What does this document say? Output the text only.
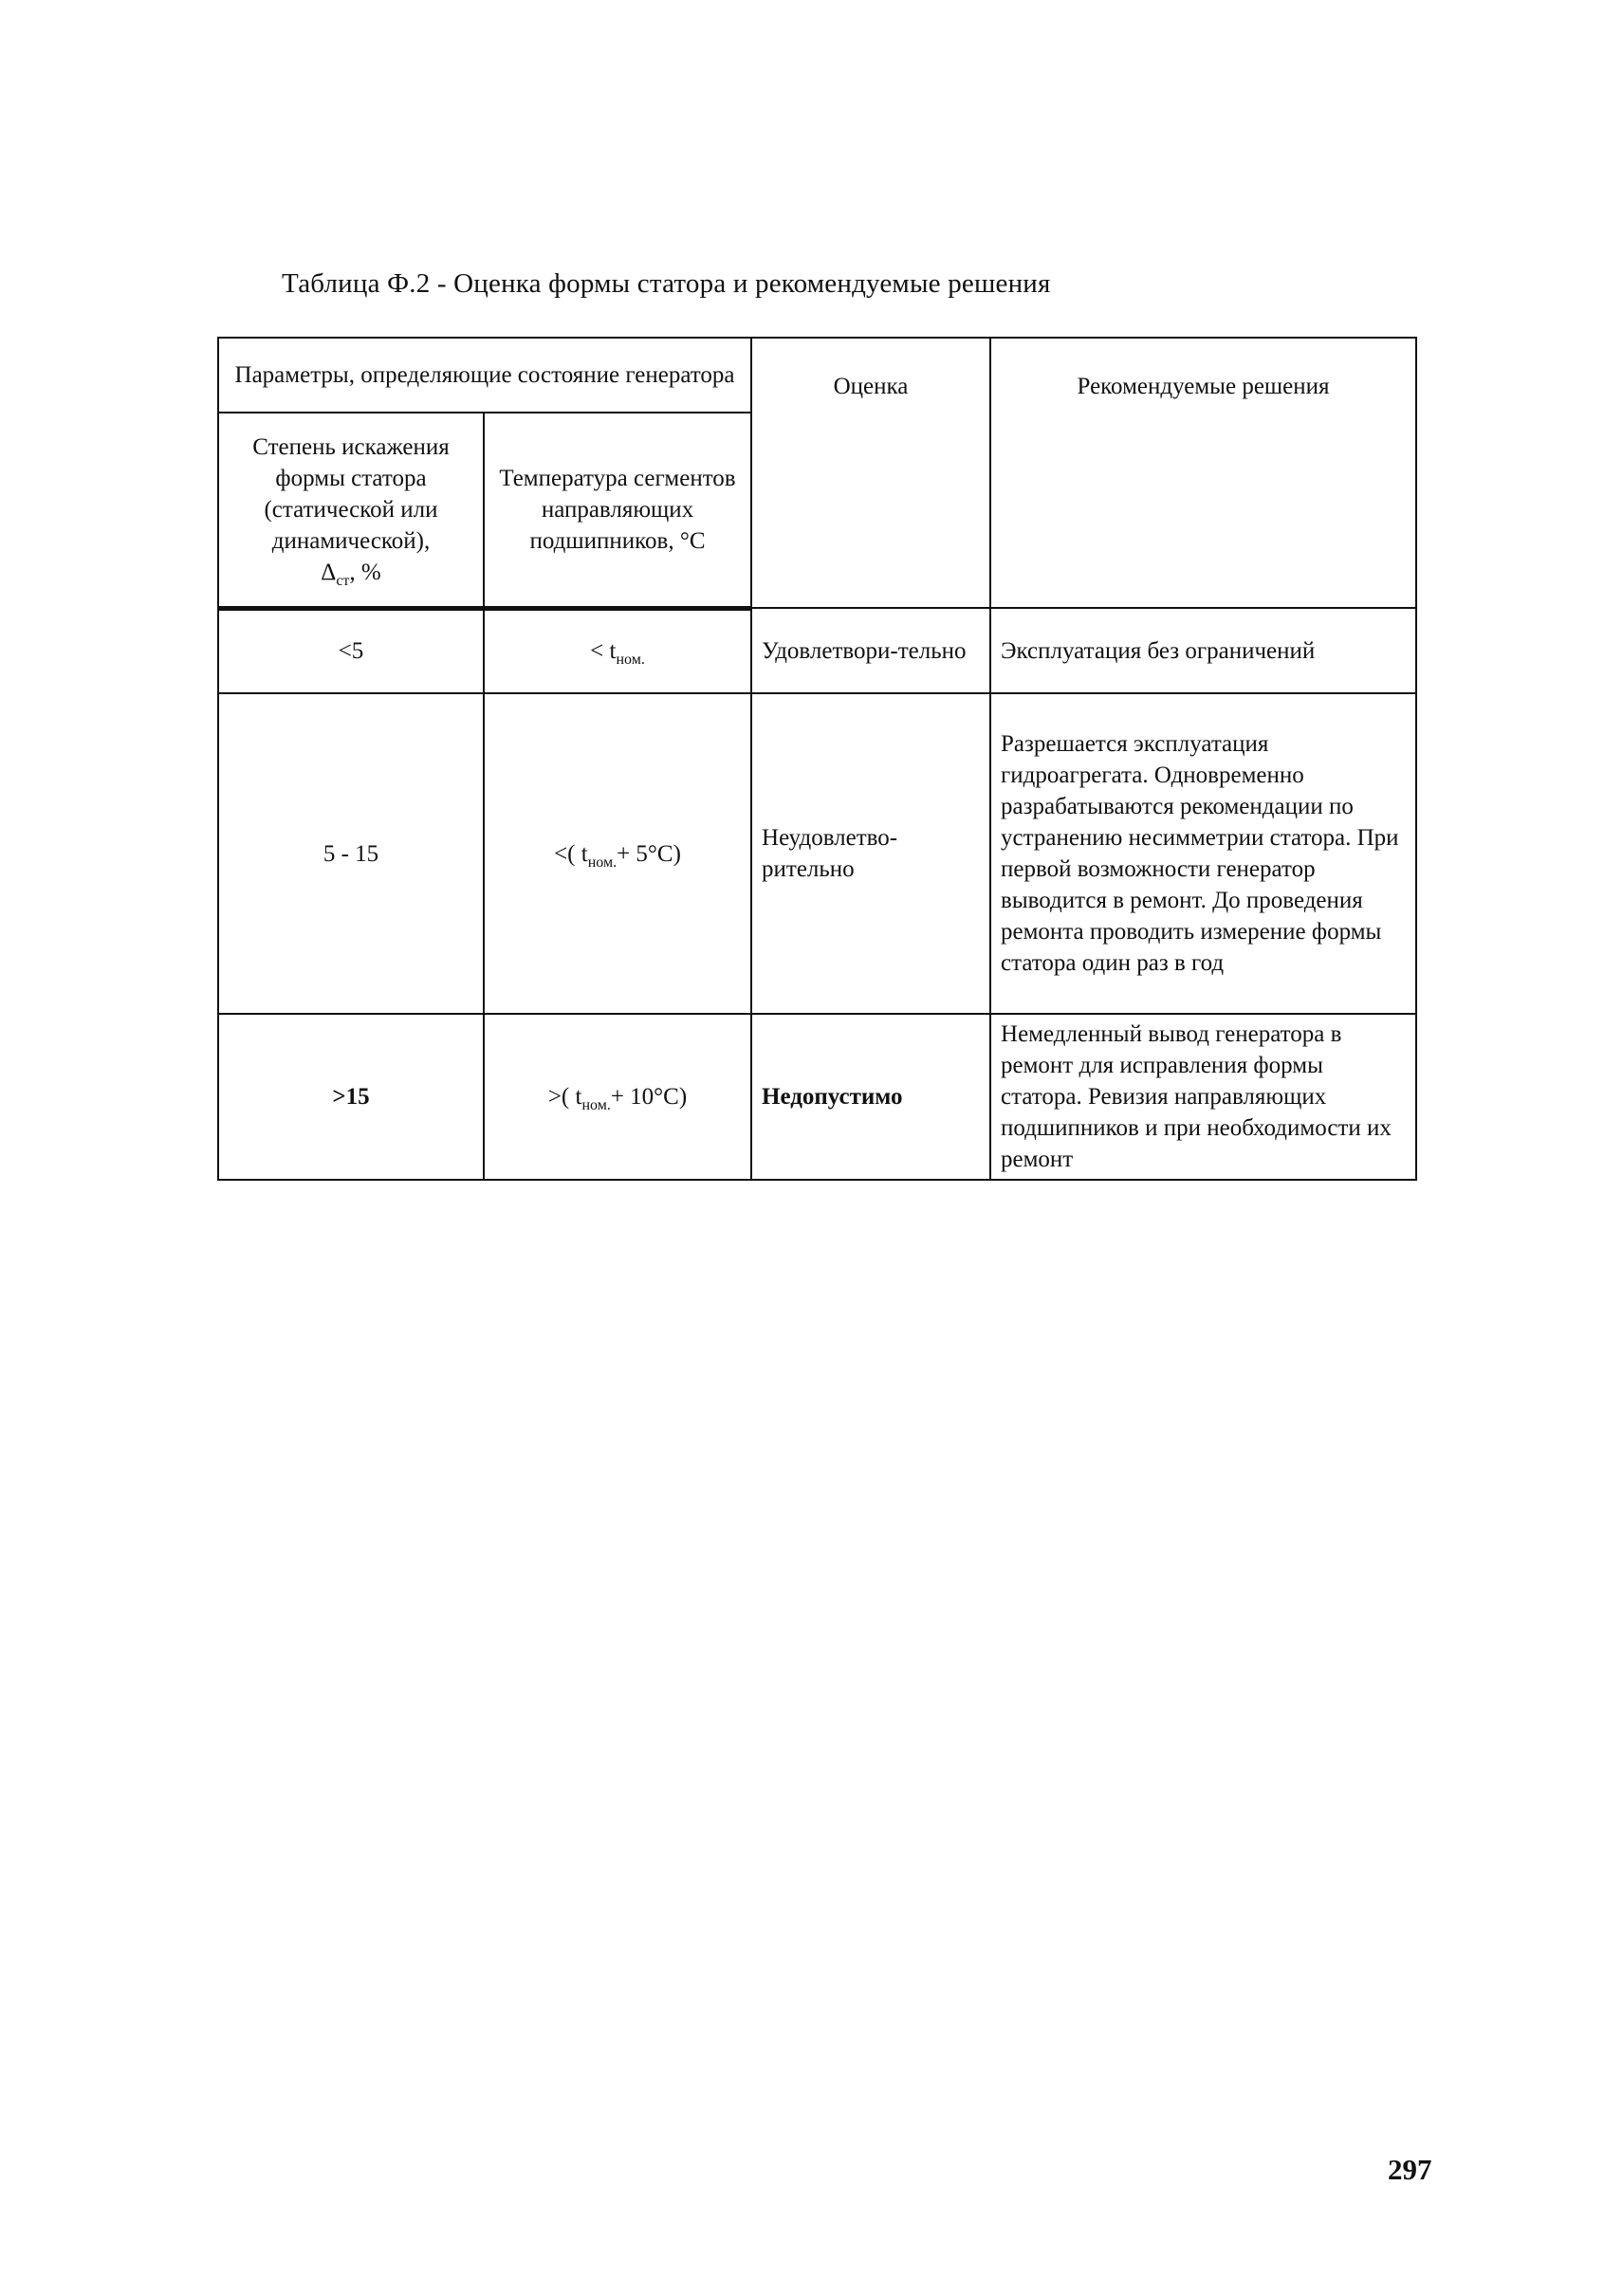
Таблица Ф.2 - Оценка формы статора и рекомендуемые решения
Параметры, определяющие состояние генератора		Оценка	Рекомендуемые решения
Степень искажения формы статора (статической или динамической),
$\Delta_{ст}$, %	Температура сегментов направляющих подшипников, °С		
<5	< $t_{ном.}$	Удовлетвори-тельно	Эксплуатация без ограничений
5 - 15	<( $t_{ном.}+ 5^\circ С$)	Неудовлетво-рительно	Разрешается эксплуатация гидроагрегата. Одновременно разрабатываются рекомендации по устранению несимметрии статора. При первой возможности генератор выводится в ремонт. До проведения ремонта проводить измерение формы статора один раз в год
>15	>( $t_{ном.}+ 10^\circ С$)	Недопустимо	Немедленный вывод генератора в ремонт для исправления формы статора. Ревизия направляющих подшипников и при необходимости их ремонт
297
